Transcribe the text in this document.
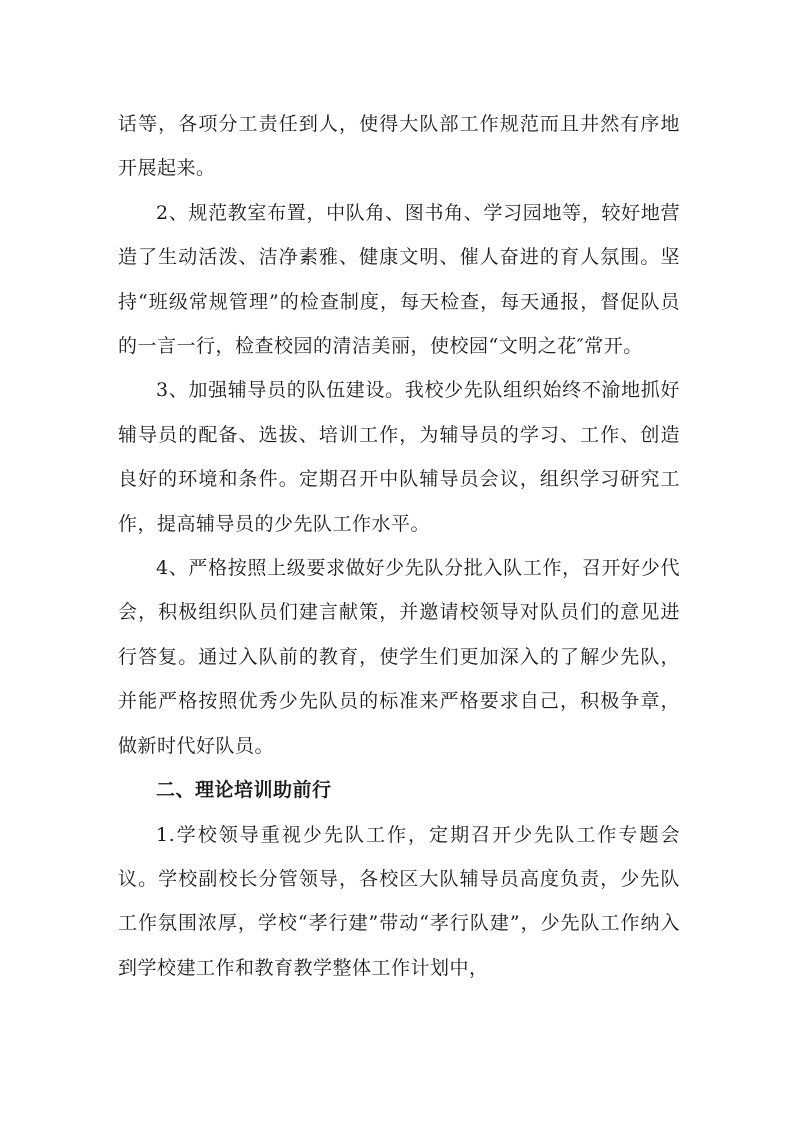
话等，各项分工责任到人，使得大队部工作规范而且井然有序地开展起来。

2、规范教室布置，中队角、图书角、学习园地等，较好地营造了生动活泼、洁净素雅、健康文明、催人奋进的育人氛围。坚持“班级常规管理”的检查制度，每天检查，每天通报，督促队员的一言一行，检查校园的清洁美丽，使校园“文明之花″常开。

3、加强辅导员的队伍建设。我校少先队组织始终不渝地抓好辅导员的配备、选拔、培训工作，为辅导员的学习、工作、创造良好的环境和条件。定期召开中队辅导员会议，组织学习研究工作，提高辅导员的少先队工作水平。

4、严格按照上级要求做好少先队分批入队工作，召开好少代会，积极组织队员们建言献策，并邀请校领导对队员们的意见进行答复。通过入队前的教育，使学生们更加深入的了解少先队，并能严格按照优秀少先队员的标准来严格要求自己，积极争章，做新时代好队员。

二、理论培训助前行

1.学校领导重视少先队工作，定期召开少先队工作专题会议。学校副校长分管领导，各校区大队辅导员高度负责，少先队工作氛围浓厚，学校“孝行建”带动“孝行队建”，少先队工作纳入到学校建工作和教育教学整体工作计划中，
